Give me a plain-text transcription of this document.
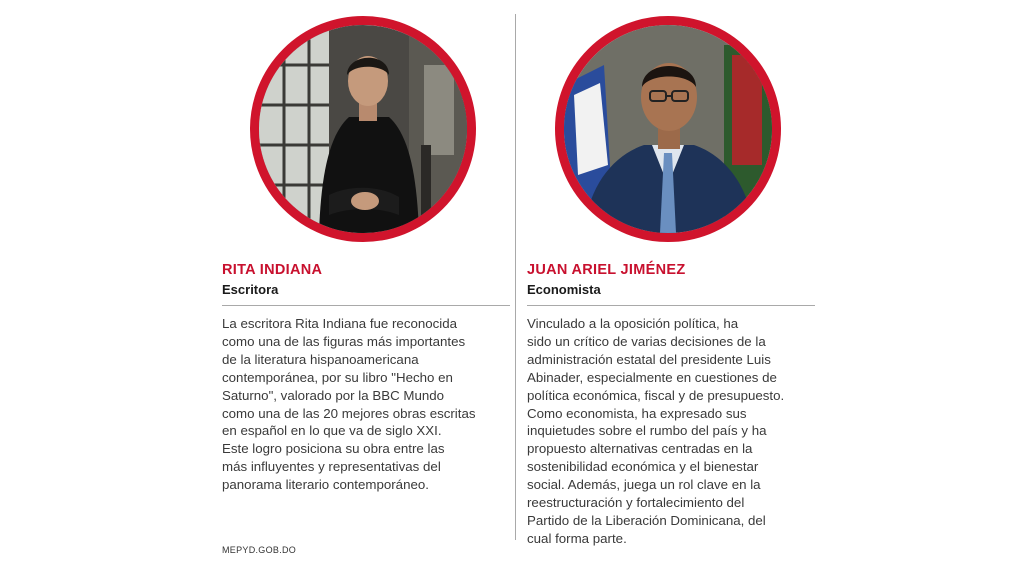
RITA INDIANA
Escritora
La escritora Rita Indiana fue reconocida
como una de las figuras más importantes
de la literatura hispanoamericana
contemporánea, por su libro "Hecho en
Saturno", valorado por la BBC Mundo
como una de las 20 mejores obras escritas
en español en lo que va de siglo XXI.
Este logro posiciona su obra entre las
más influyentes y representativas del
panorama literario contemporáneo.
JUAN ARIEL JIMÉNEZ
Economista
Vinculado a la oposición política, ha
sido un crítico de varias decisiones de la
administración estatal del presidente Luis
Abinader, especialmente en cuestiones de
política económica, fiscal y de presupuesto.
Como economista, ha expresado sus
inquietudes sobre el rumbo del país y ha
propuesto alternativas centradas en la
sostenibilidad económica y el bienestar
social. Además, juega un rol clave en la
reestructuración y fortalecimiento del
Partido de la Liberación Dominicana, del
cual forma parte.
MEPYD.GOB.DO
